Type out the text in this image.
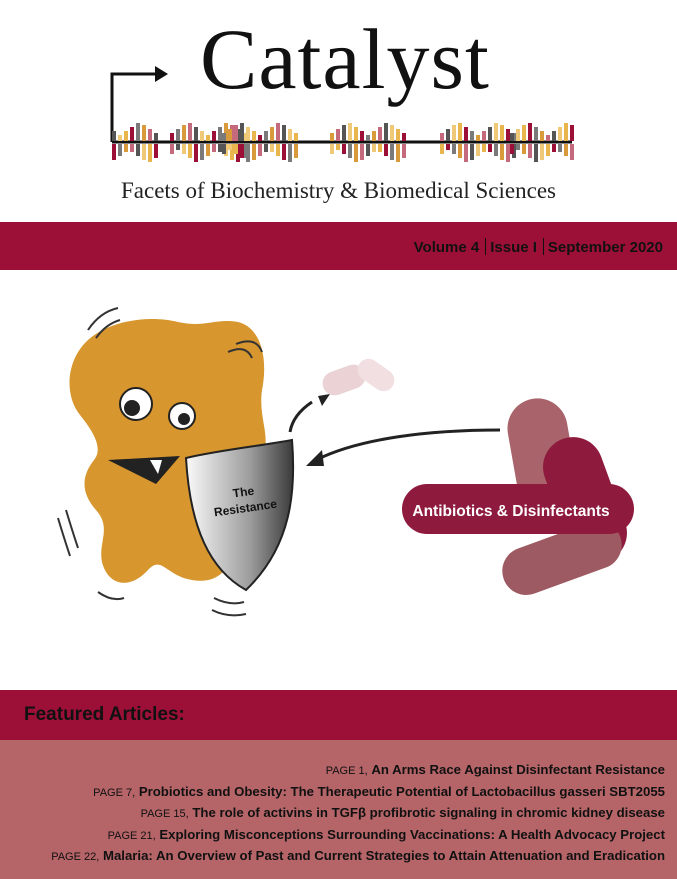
Catalyst
Facets of Biochemistry & Biomedical Sciences
Volume 4 Issue I September 2020
The
Resistance	Antibiotics & Disinfectants
Featured Articles:
PAGE 1, An Arms Race Against Disinfectant Resistance
PAGE 7, Probiotics and Obesity: The Therapeutic Potential of Lactobacillus gasseri SBT2055
PAGE 15, The role of activins in TGFβ profibrotic signaling in chromic kidney disease
PAGE 21, Exploring Misconceptions Surrounding Vaccinations: A Health Advocacy Project
PAGE 22, Malaria: An Overview of Past and Current Strategies to Attain Attenuation and Eradication
